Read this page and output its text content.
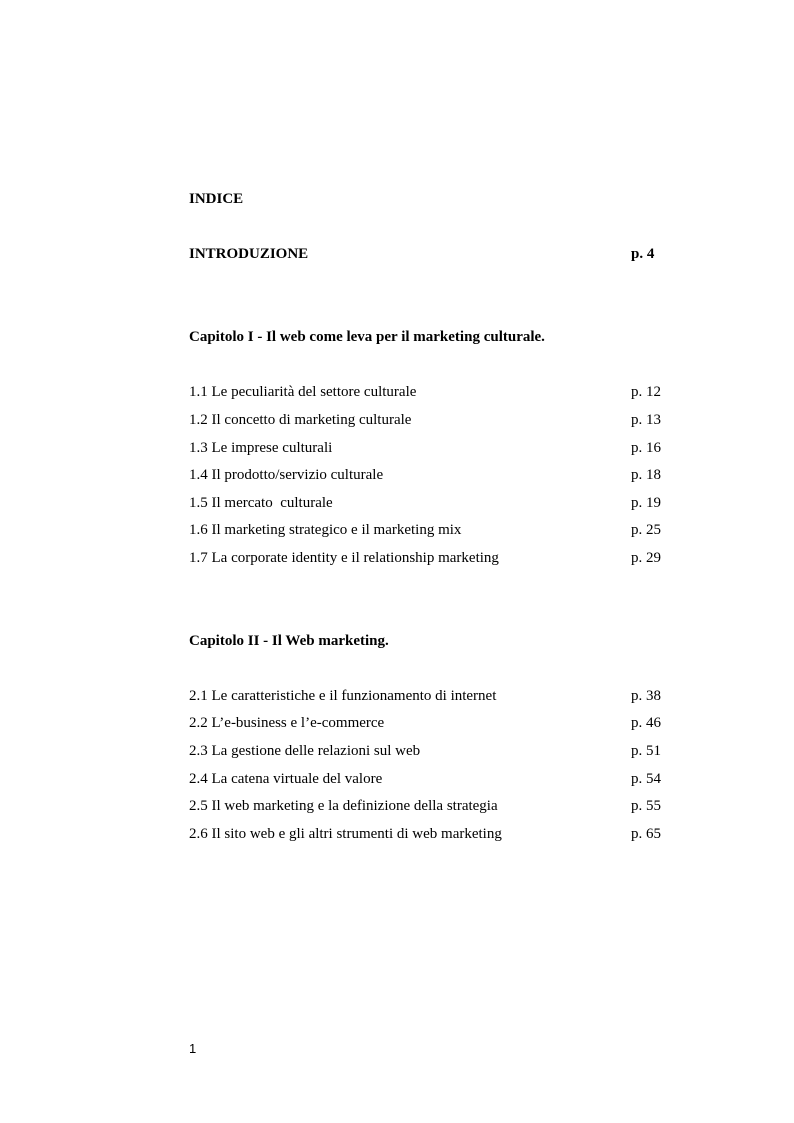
INDICE
INTRODUZIONE	p. 4
Capitolo I - Il web come leva per il marketing culturale.
1.1 Le peculiarità del settore culturale	p. 12
1.2 Il concetto di marketing culturale	p. 13
1.3 Le imprese culturali	p. 16
1.4 Il prodotto/servizio culturale	p. 18
1.5 Il mercato  culturale	p. 19
1.6 Il marketing strategico e il marketing mix	p. 25
1.7 La corporate identity e il relationship marketing	p. 29
Capitolo II - Il Web marketing.
2.1 Le caratteristiche e il funzionamento di internet	p. 38
2.2 L’e-business e l’e-commerce	p. 46
2.3 La gestione delle relazioni sul web	p. 51
2.4 La catena virtuale del valore	p. 54
2.5 Il web marketing e la definizione della strategia	p. 55
2.6 Il sito web e gli altri strumenti di web marketing	p. 65
1
